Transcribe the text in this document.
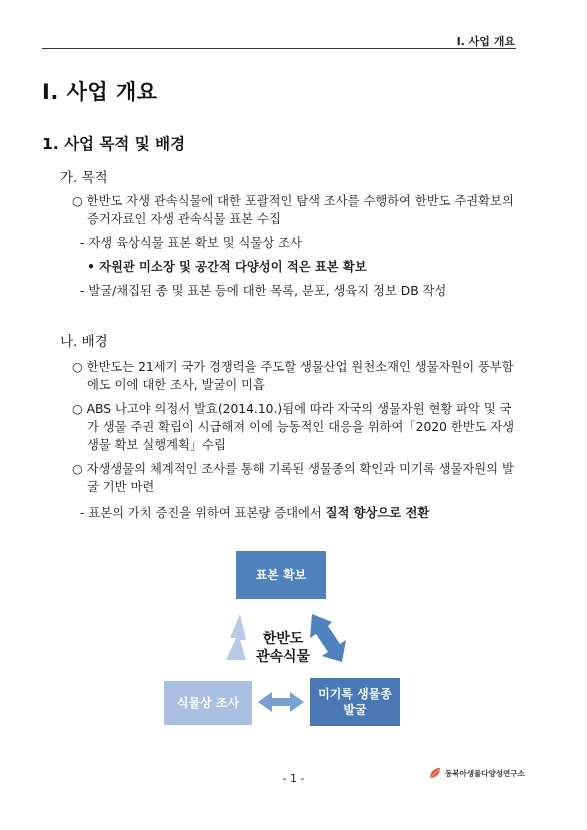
I. 사업 개요
I. 사업 개요
1. 사업 목적 및 배경
가. 목적
○ 한반도 자생 관속식물에 대한 포괄적인 탐색 조사를 수행하여 한반도 주권확보의
증거자료인 자생 관속식물 표본 수집
- 자생 육상식물 표본 확보 및 식물상 조사
• 자원관 미소장 및 공간적 다양성이 적은 표본 확보
- 발굴/채집된 종 및 표본 등에 대한 목록, 분포, 생육지 정보 DB 작성
나. 배경
○ 한반도는 21세기 국가 경쟁력을 주도할 생물산업 원천소재인 생물자원이 풍부함
에도 이에 대한 조사, 발굴이 미흡
○ ABS 나고야 의정서 발효(2014.10.)됨에 따라 자국의 생물자원 현황 파악 및 국
가 생물 주권 확립이 시급해져 이에 능동적인 대응을 위하여「2020 한반도 자생
생물 확보 실행계획」수립
○ 자생생물의 체계적인 조사를 통해 기록된 생물종의 확인과 미기록 생물자원의 발
굴 기반 마련
- 표본의 가치 증진을 위하여 표본량 증대에서 질적 향상으로 전환
표본 확보
한반도
관속식물
식물상 조사
미기록 생물종
발굴
- 1 -	동북아생물다양성연구소
